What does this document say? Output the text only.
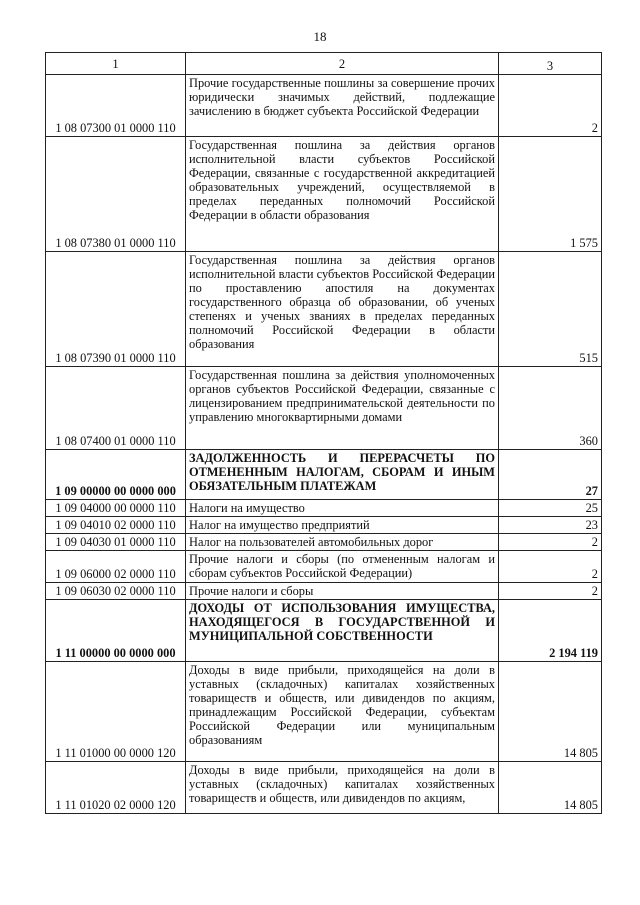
18
1	2	3
1 08 07300 01 0000 110	Прочие государственные пошлины за совершение прочих юридически значимых действий, подлежащие зачислению в бюджет субъекта Российской Федерации	2
1 08 07380 01 0000 110	Государственная пошлина за действия органов исполнительной власти субъектов Российской Федерации, связанные с государственной аккредитацией образовательных учреждений, осуществляемой в пределах переданных полномочий Российской Федерации в области образования	1 575
1 08 07390 01 0000 110	Государственная пошлина за действия органов исполнительной власти субъектов Российской Федерации по проставлению апостиля на документах государственного образца об образовании, об ученых степенях и ученых званиях в пределах переданных полномочий Российской Федерации в области образования	515
1 08 07400 01 0000 110	Государственная пошлина за действия уполномоченных органов субъектов Российской Федерации, связанные с лицензированием предпринимательской деятельности по управлению многоквартирными домами	360
1 09 00000 00 0000 000	ЗАДОЛЖЕННОСТЬ И ПЕРЕРАСЧЕТЫ ПО ОТМЕНЕННЫМ НАЛОГАМ, СБОРАМ И ИНЫМ ОБЯЗАТЕЛЬНЫМ ПЛАТЕЖАМ	27
1 09 04000 00 0000 110	Налоги на имущество	25
1 09 04010 02 0000 110	Налог на имущество предприятий	23
1 09 04030 01 0000 110	Налог на пользователей автомобильных дорог	2
1 09 06000 02 0000 110	Прочие налоги и сборы (по отмененным налогам и сборам субъектов Российской Федерации)	2
1 09 06030 02 0000 110	Прочие налоги и сборы	2
1 11 00000 00 0000 000	ДОХОДЫ ОТ ИСПОЛЬЗОВАНИЯ ИМУЩЕСТВА, НАХОДЯЩЕГОСЯ В ГОСУДАРСТВЕННОЙ И МУНИЦИПАЛЬНОЙ СОБСТВЕННОСТИ	2 194 119
1 11 01000 00 0000 120	Доходы в виде прибыли, приходящейся на доли в уставных (складочных) капиталах хозяйственных товариществ и обществ, или дивидендов по акциям, принадлежащим Российской Федерации, субъектам Российской Федерации или муниципальным образованиям	14 805
1 11 01020 02 0000 120	Доходы в виде прибыли, приходящейся на доли в уставных (складочных) капиталах хозяйственных товариществ и обществ, или дивидендов по акциям,	14 805
